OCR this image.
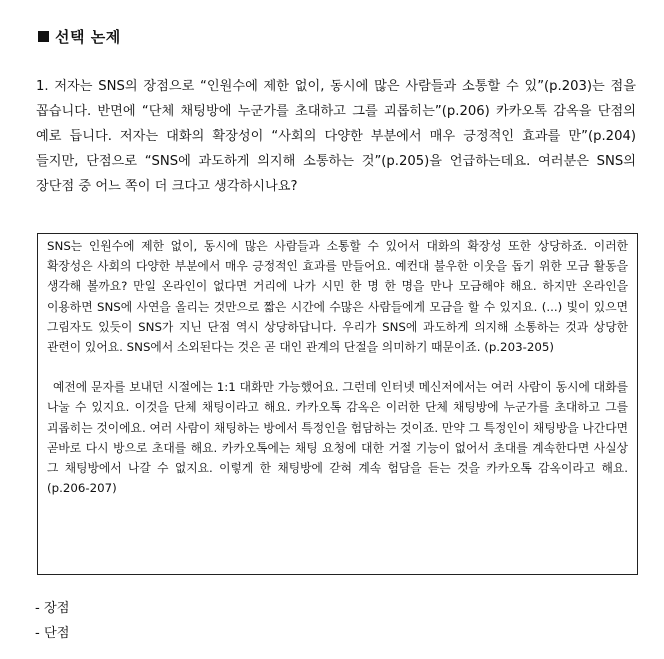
선택 논제

1. 저자는 SNS의 장점으로 “인원수에 제한 없이, 동시에 많은 사람들과 소통할 수 있”(p.203)는 점을 꼽습니다. 반면에 “단체 채팅방에 누군가를 초대하고 그를 괴롭히는”(p.206) 카카오톡 감옥을 단점의 예로 듭니다. 저자는 대화의 확장성이 “사회의 다양한 부분에서 매우 긍정적인 효과를 만”(p.204)들지만, 단점으로 “SNS에 과도하게 의지해 소통하는 것”(p.205)을 언급하는데요. 여러분은 SNS의 장단점 중 어느 쪽이 더 크다고 생각하시나요?

SNS는 인원수에 제한 없이, 동시에 많은 사람들과 소통할 수 있어서 대화의 확장성 또한 상당하죠. 이러한 확장성은 사회의 다양한 부분에서 매우 긍정적인 효과를 만들어요. 예컨대 불우한 이웃을 돕기 위한 모금 활동을 생각해 볼까요? 만일 온라인이 없다면 거리에 나가 시민 한 명 한 명을 만나 모금해야 해요. 하지만 온라인을 이용하면 SNS에 사연을 올리는 것만으로 짧은 시간에 수많은 사람들에게 모금을 할 수 있지요. (...) 빛이 있으면 그림자도 있듯이 SNS가 지닌 단점 역시 상당하답니다. 우리가 SNS에 과도하게 의지해 소통하는 것과 상당한 관련이 있어요. SNS에서 소외된다는 것은 곧 대인 관계의 단절을 의미하기 때문이죠. (p.203-205)

예전에 문자를 보내던 시절에는 1:1 대화만 가능했어요. 그런데 인터넷 메신저에서는 여러 사람이 동시에 대화를 나눌 수 있지요. 이것을 단체 채팅이라고 해요. 카카오톡 감옥은 이러한 단체 채팅방에 누군가를 초대하고 그를 괴롭히는 것이에요. 여러 사람이 채팅하는 방에서 특정인을 험담하는 것이죠. 만약 그 특정인이 채팅방을 나간다면 곧바로 다시 방으로 초대를 해요. 카카오톡에는 채팅 요청에 대한 거절 기능이 없어서 초대를 계속한다면 사실상 그 채팅방에서 나갈 수 없지요. 이렇게 한 채팅방에 갇혀 계속 험담을 듣는 것을 카카오톡 감옥이라고 해요. (p.206-207)

- 장점
- 단점
